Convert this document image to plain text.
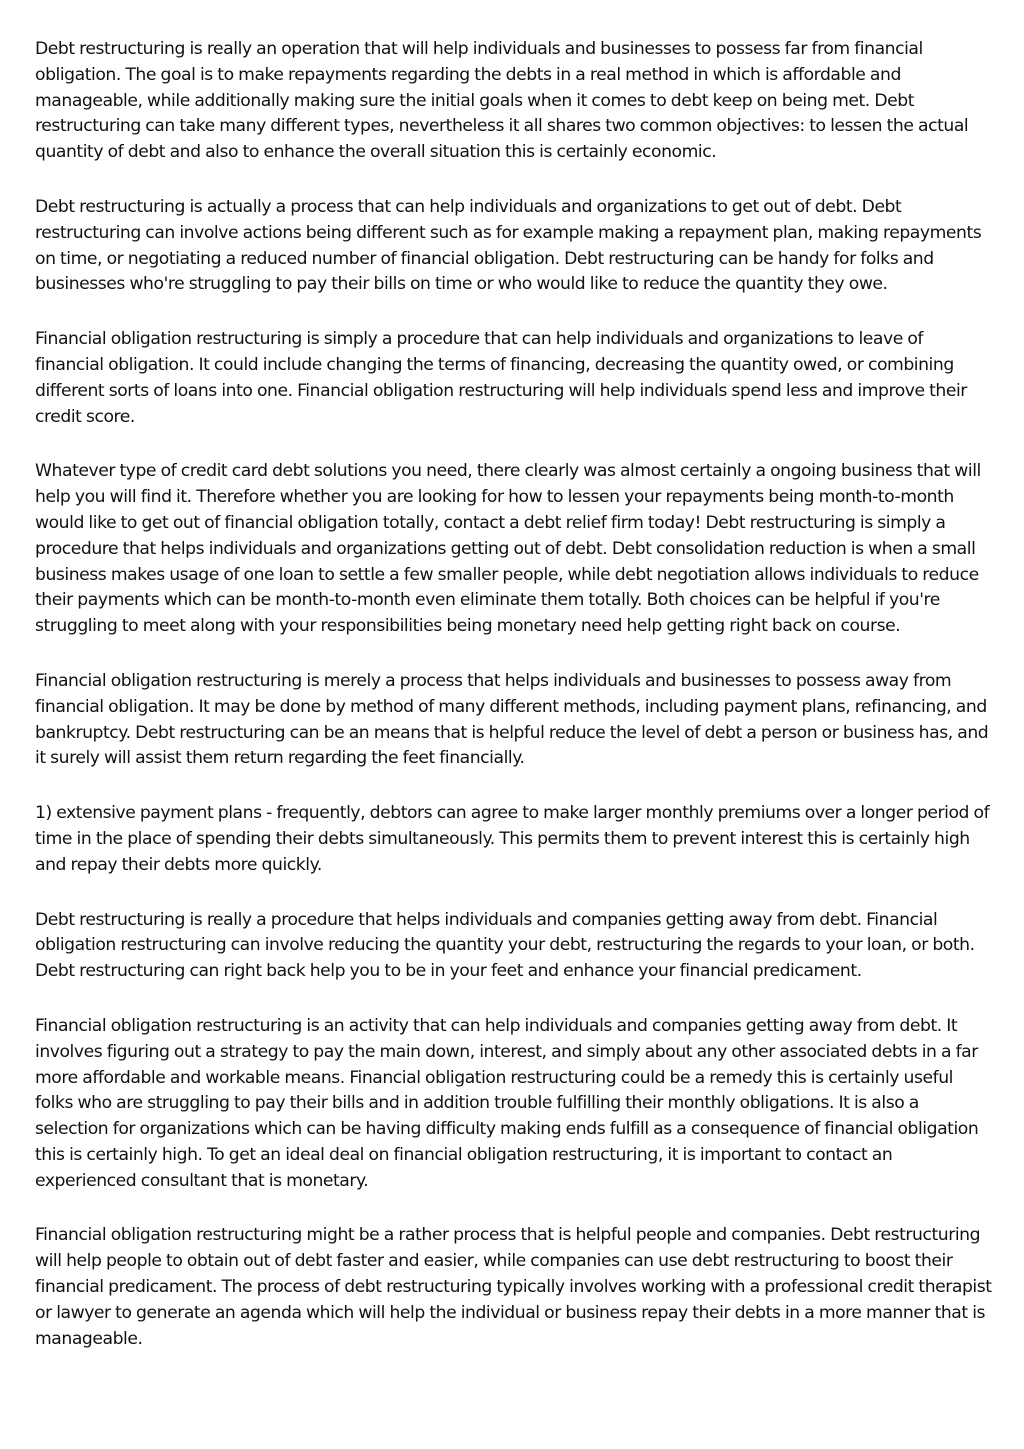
Debt restructuring is really an operation that will help individuals and businesses to possess far from financial obligation. The goal is to make repayments regarding the debts in a real method in which is affordable and manageable, while additionally making sure the initial goals when it comes to debt keep on being met. Debt restructuring can take many different types, nevertheless it all shares two common objectives: to lessen the actual quantity of debt and also to enhance the overall situation this is certainly economic.

Debt restructuring is actually a process that can help individuals and organizations to get out of debt. Debt restructuring can involve actions being different such as for example making a repayment plan, making repayments on time, or negotiating a reduced number of financial obligation. Debt restructuring can be handy for folks and businesses who're struggling to pay their bills on time or who would like to reduce the quantity they owe.

Financial obligation restructuring is simply a procedure that can help individuals and organizations to leave of financial obligation. It could include changing the terms of financing, decreasing the quantity owed, or combining different sorts of loans into one. Financial obligation restructuring will help individuals spend less and improve their credit score.

Whatever type of credit card debt solutions you need, there clearly was almost certainly a ongoing business that will help you will find it. Therefore whether you are looking for how to lessen your repayments being month-to-month would like to get out of financial obligation totally, contact a debt relief firm today! Debt restructuring is simply a procedure that helps individuals and organizations getting out of debt. Debt consolidation reduction is when a small business makes usage of one loan to settle a few smaller people, while debt negotiation allows individuals to reduce their payments which can be month-to-month even eliminate them totally. Both choices can be helpful if you're struggling to meet along with your responsibilities being monetary need help getting right back on course.

Financial obligation restructuring is merely a process that helps individuals and businesses to possess away from financial obligation. It may be done by method of many different methods, including payment plans, refinancing, and bankruptcy. Debt restructuring can be an means that is helpful reduce the level of debt a person or business has, and it surely will assist them return regarding the feet financially.

1) extensive payment plans - frequently, debtors can agree to make larger monthly premiums over a longer period of time in the place of spending their debts simultaneously. This permits them to prevent interest this is certainly high and repay their debts more quickly.

Debt restructuring is really a procedure that helps individuals and companies getting away from debt. Financial obligation restructuring can involve reducing the quantity your debt, restructuring the regards to your loan, or both. Debt restructuring can right back help you to be in your feet and enhance your financial predicament.

Financial obligation restructuring is an activity that can help individuals and companies getting away from debt. It involves figuring out a strategy to pay the main down, interest, and simply about any other associated debts in a far more affordable and workable means. Financial obligation restructuring could be a remedy this is certainly useful folks who are struggling to pay their bills and in addition trouble fulfilling their monthly obligations. It is also a selection for organizations which can be having difficulty making ends fulfill as a consequence of financial obligation this is certainly high. To get an ideal deal on financial obligation restructuring, it is important to contact an experienced consultant that is monetary.

Financial obligation restructuring might be a rather process that is helpful people and companies. Debt restructuring will help people to obtain out of debt faster and easier, while companies can use debt restructuring to boost their financial predicament. The process of debt restructuring typically involves working with a professional credit therapist or lawyer to generate an agenda which will help the individual or business repay their debts in a more manner that is manageable.
